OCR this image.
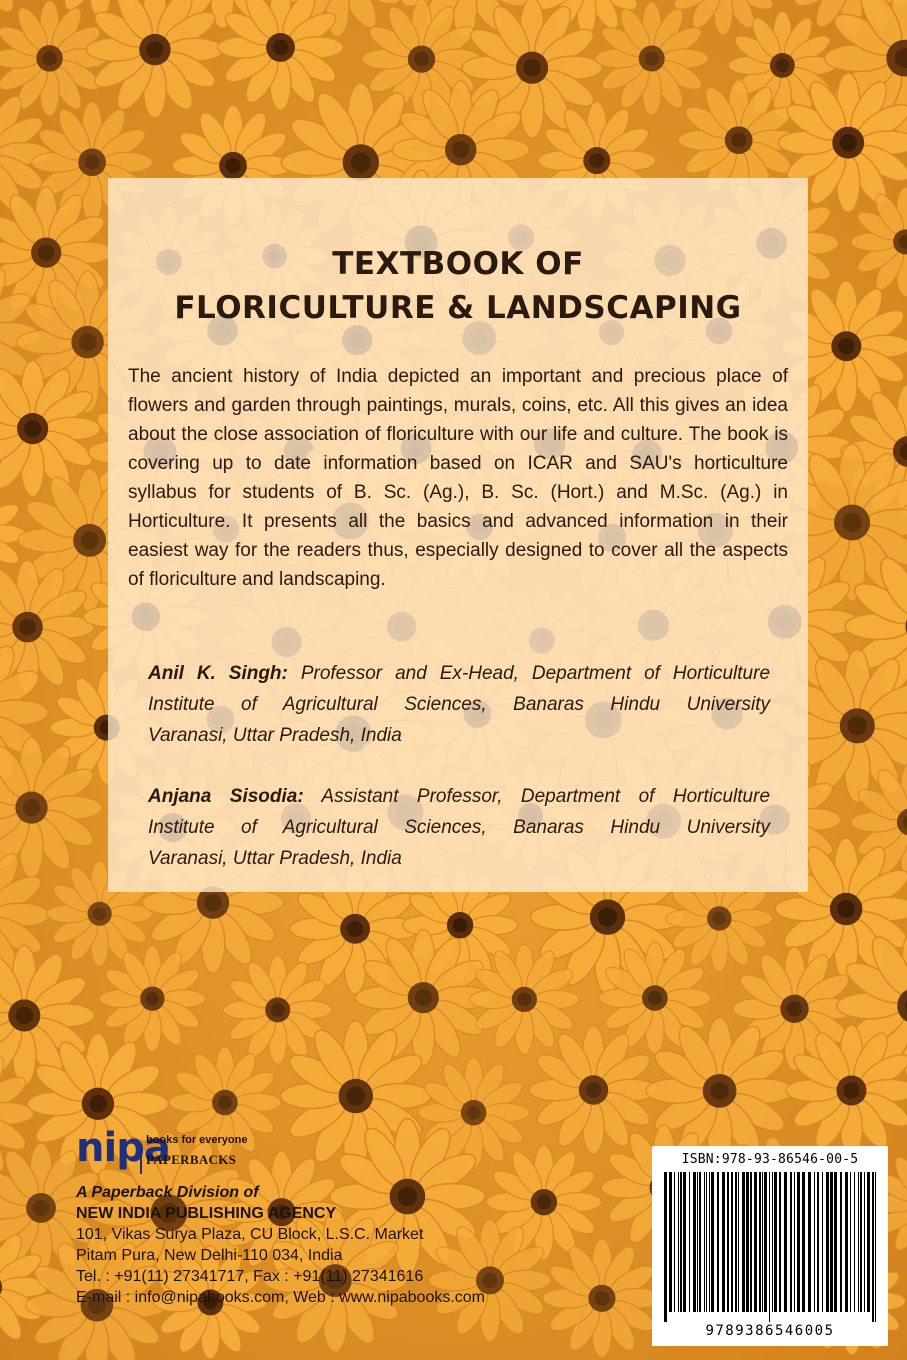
TEXTBOOK OF
FLORICULTURE & LANDSCAPING

The ancient history of India depicted an important and precious place of flowers and garden through paintings, murals, coins, etc. All this gives an idea about the close association of floriculture with our life and culture. The book is covering up to date information based on ICAR and SAU's horticulture syllabus for students of B. Sc. (Ag.), B. Sc. (Hort.) and M.Sc. (Ag.) in Horticulture. It presents all the basics and advanced information in their easiest way for the readers thus, especially designed to cover all the aspects of floriculture and landscaping.

Anil K. Singh: Professor and Ex-Head, Department of Horticulture
Institute of Agricultural Sciences, Banaras Hindu University
Varanasi, Uttar Pradesh, India
Anjana Sisodia: Assistant Professor, Department of Horticulture
Institute of Agricultural Sciences, Banaras Hindu University
Varanasi, Uttar Pradesh, India
nipa
books for everyone
PAPERBACKS
A Paperback Division of
NEW INDIA PUBLISHING AGENCY
101, Vikas Surya Plaza, CU Block, L.S.C. Market
Pitam Pura, New Delhi-110 034, India
Tel. : +91(11) 27341717, Fax : +91(11) 27341616
E-mail : info@nipabooks.com, Web : www.nipabooks.com
ISBN:978-93-86546-00-5
9789386546005
